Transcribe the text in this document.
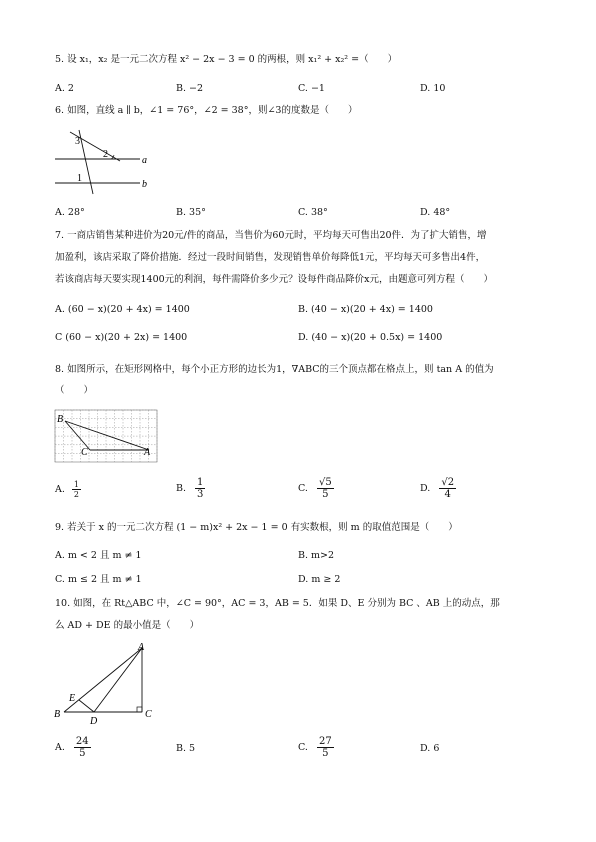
5. 设 x₁，x₂ 是一元二次方程 x² − 2x − 3 = 0 的两根，则 x₁² + x₂² =（　　）
A. 2	B. −2	C. −1	D. 10
6. 如图，直线 a ∥ b，∠1 = 76°，∠2 = 38°，则∠3的度数是（　　）
a
b
1
2
3
A. 28°	B. 35°	C. 38°	D. 48°
7. 一商店销售某种进价为20元/件的商品，当售价为60元时，平均每天可售出20件．为了扩大销售，增
加盈利，该店采取了降价措施．经过一段时间销售，发现销售单价每降低1元，平均每天可多售出4件，
若该商店每天要实现1400元的利润，每件需降价多少元？设每件商品降价x元，由题意可列方程（　　）
A. (60 − x)(20 + 4x) = 1400	B. (40 − x)(20 + 4x) = 1400
C (60 − x)(20 + 2x) = 1400	D. (40 − x)(20 + 0.5x) = 1400
8. 如图所示，在矩形网格中，每个小正方形的边长为1，∇ABC的三个顶点都在格点上，则 tan A 的值为
（　　）
B
C	A
A. $\frac{1}{2}$	B. $\frac{1}{3}$	C. $\frac{√5}{5}$	D. $\frac{√2}{4}$
9. 若关于 x 的一元二次方程 (1 − m)x² + 2x − 1 = 0 有实数根，则 m 的取值范围是（　　）
A. m < 2 且 m ≠ 1	B. m>2
C. m ≤ 2 且 m ≠ 1	D. m ≥ 2
10. 如图，在 Rt△ABC 中，∠C = 90°，AC = 3，AB = 5．如果 D、E 分别为 BC 、AB 上的动点，那
么 AD + DE 的最小值是（　　）
A
B	C
D
E
A. $\frac{24}{5}$	B. 5	C. $\frac{27}{5}$	D. 6
